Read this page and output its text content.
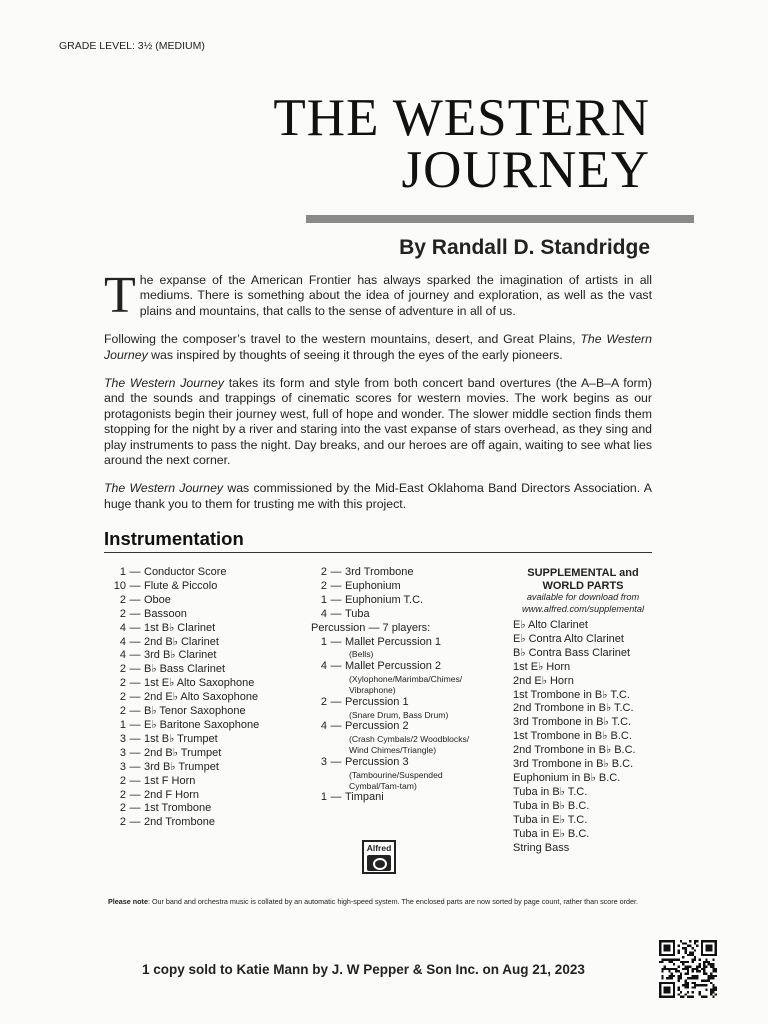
GRADE LEVEL: 3½ (MEDIUM)
THE WESTERN
JOURNEY
By Randall D. Standridge

The expanse of the American Frontier has always sparked the imagination of artists in all mediums. There is something about the idea of journey and exploration, as well as the vast plains and mountains, that calls to the sense of adventure in all of us.

Following the composer’s travel to the western mountains, desert, and Great Plains, The Western Journey was inspired by thoughts of seeing it through the eyes of the early pioneers.

The Western Journey takes its form and style from both concert band overtures (the A–B–A form) and the sounds and trappings of cinematic scores for western movies. The work begins as our protagonists begin their journey west, full of hope and wonder. The slower middle section finds them stopping for the night by a river and staring into the vast expanse of stars overhead, as they sing and play instruments to pass the night. Day breaks, and our heroes are off again, waiting to see what lies around the next corner.

The Western Journey was commissioned by the Mid-East Oklahoma Band Directors Association. A huge thank you to them for trusting me with this project.

Instrumentation
1 — Conductor Score
10 — Flute & Piccolo
2 — Oboe
2 — Bassoon
4 — 1st B♭ Clarinet
4 — 2nd B♭ Clarinet
4 — 3rd B♭ Clarinet
2 — B♭ Bass Clarinet
2 — 1st E♭ Alto Saxophone
2 — 2nd E♭ Alto Saxophone
2 — B♭ Tenor Saxophone
1 — E♭ Baritone Saxophone
3 — 1st B♭ Trumpet
3 — 2nd B♭ Trumpet
3 — 3rd B♭ Trumpet
2 — 1st F Horn
2 — 2nd F Horn
2 — 1st Trombone
2 — 2nd Trombone
2 — 3rd Trombone
2 — Euphonium
1 — Euphonium T.C.
4 — Tuba
Percussion — 7 players:
1 — Mallet Percussion 1
(Bells)
4 — Mallet Percussion 2
(Xylophone/Marimba/Chimes/
Vibraphone)
2 — Percussion 1
(Snare Drum, Bass Drum)
4 — Percussion 2
(Crash Cymbals/2 Woodblocks/
Wind Chimes/Triangle)
3 — Percussion 3
(Tambourine/Suspended
Cymbal/Tam-tam)
1 — Timpani
SUPPLEMENTAL and
WORLD PARTS
available for download from
www.alfred.com/supplemental
E♭ Alto Clarinet
E♭ Contra Alto Clarinet
B♭ Contra Bass Clarinet
1st E♭ Horn
2nd E♭ Horn
1st Trombone in B♭ T.C.
2nd Trombone in B♭ T.C.
3rd Trombone in B♭ T.C.
1st Trombone in B♭ B.C.
2nd Trombone in B♭ B.C.
3rd Trombone in B♭ B.C.
Euphonium in B♭ B.C.
Tuba in B♭ T.C.
Tuba in B♭ B.C.
Tuba in E♭ T.C.
Tuba in E♭ B.C.
String Bass
Alfred
Please note: Our band and orchestra music is collated by an automatic high-speed system. The enclosed parts are now sorted by page count, rather than score order.
1 copy sold to Katie Mann by J. W Pepper & Son Inc. on Aug 21, 2023
